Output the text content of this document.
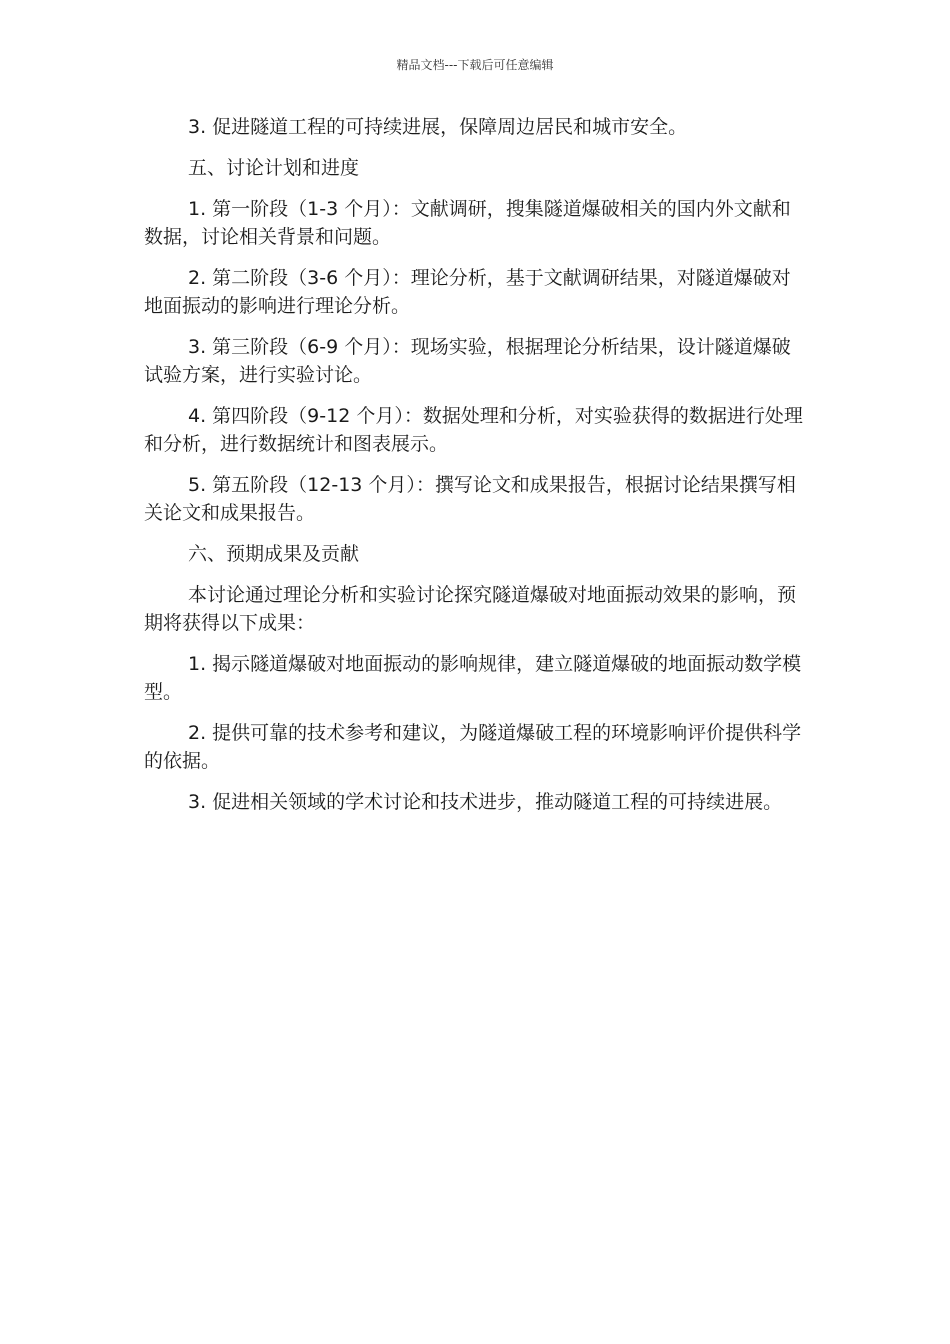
精品文档---下载后可任意编辑

3. 促进隧道工程的可持续进展，保障周边居民和城市安全。

五、讨论计划和进度

1. 第一阶段（1-3 个月）：文献调研，搜集隧道爆破相关的国内外文献和数据，讨论相关背景和问题。

2. 第二阶段（3-6 个月）：理论分析，基于文献调研结果，对隧道爆破对地面振动的影响进行理论分析。

3. 第三阶段（6-9 个月）：现场实验，根据理论分析结果，设计隧道爆破试验方案，进行实验讨论。

4. 第四阶段（9-12 个月）：数据处理和分析，对实验获得的数据进行处理和分析，进行数据统计和图表展示。

5. 第五阶段（12-13 个月）：撰写论文和成果报告，根据讨论结果撰写相关论文和成果报告。

六、预期成果及贡献

本讨论通过理论分析和实验讨论探究隧道爆破对地面振动效果的影响，预期将获得以下成果：

1. 揭示隧道爆破对地面振动的影响规律，建立隧道爆破的地面振动数学模型。

2. 提供可靠的技术参考和建议，为隧道爆破工程的环境影响评价提供科学的依据。

3. 促进相关领域的学术讨论和技术进步，推动隧道工程的可持续进展。
